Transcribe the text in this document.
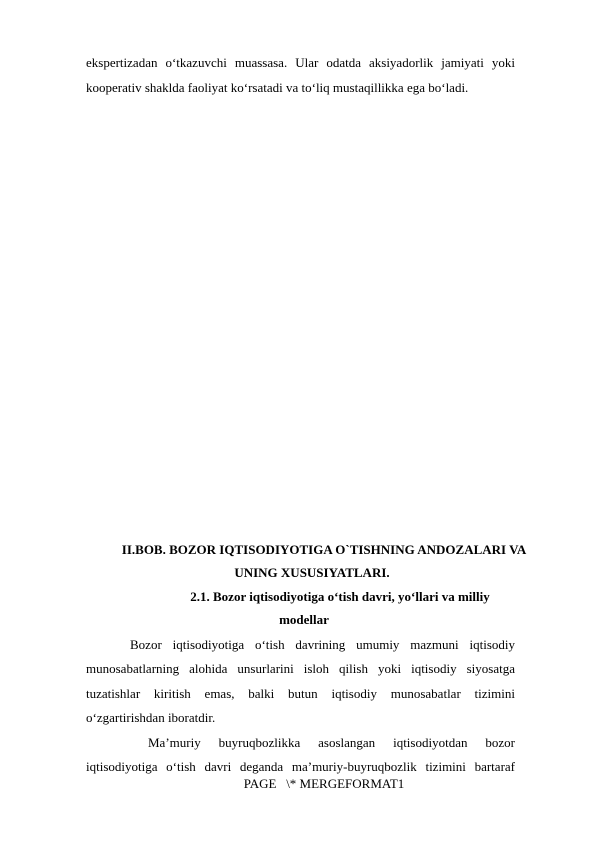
ekspertizadan o‘tkazuvchi muassasa. Ular odatda aksiyadorlik jamiyati yoki
kooperativ shaklda faoliyat ko‘rsatadi va to‘liq mustaqillikka ega bo‘ladi.
II.BOB. BOZOR IQTISODIYOTIGA O`TISHNING ANDOZALARI VA
UNING XUSUSIYATLARI.
2.1. Bozor iqtisodiyotiga o‘tish davri, yo‘llari va milliy
modellar
Bozor iqtisodiyotiga o‘tish davrining umumiy mazmuni iqtisodiy
munosabatlarning alohida unsurlarini isloh qilish yoki iqtisodiy siyosatga
tuzatishlar kiritish emas, balki butun iqtisodiy munosabatlar tizimini
o‘zgartirishdan iboratdir.
Ma’muriy buyruqbozlikka asoslangan iqtisodiyotdan bozor
iqtisodiyotiga o‘tish davri deganda ma’muriy-buyruqbozlik tizimini bartaraf
PAGE   \* MERGEFORMAT1
